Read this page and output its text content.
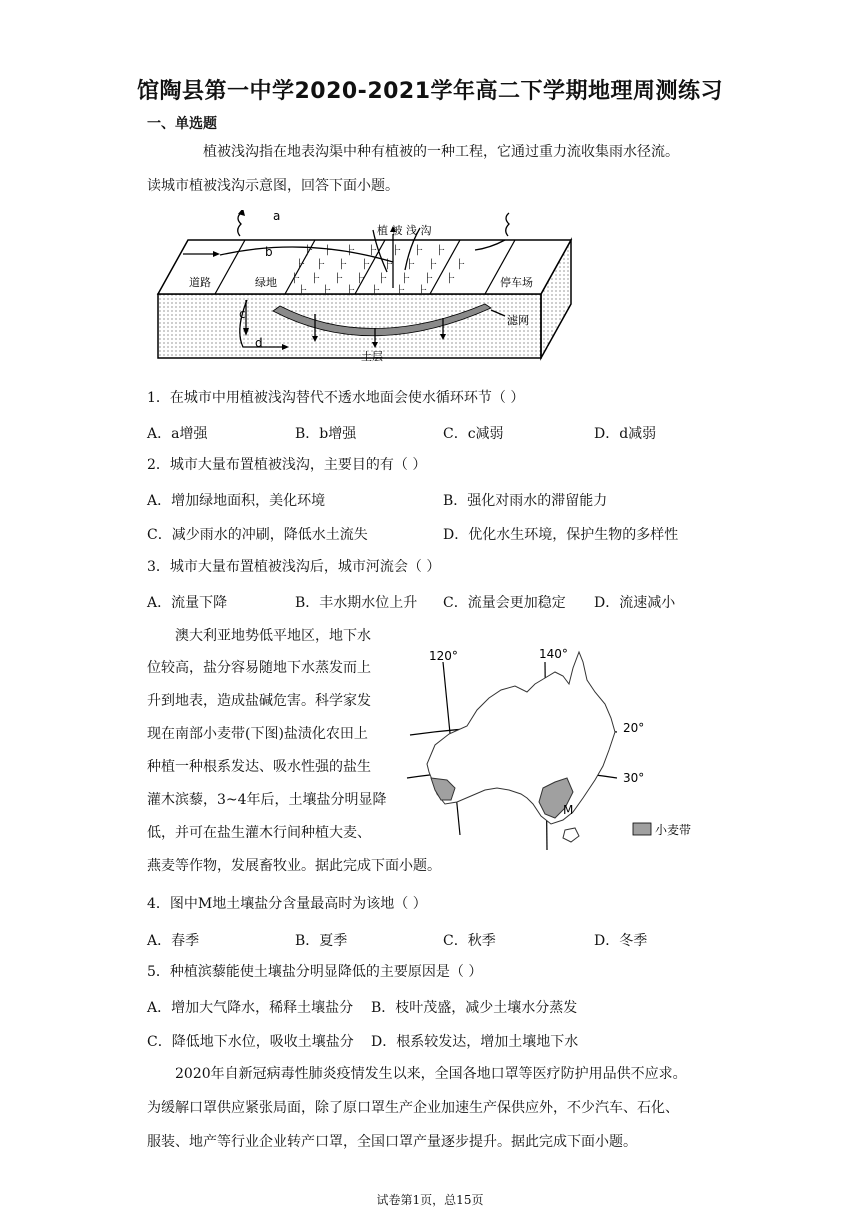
馆陶县第一中学2020-2021学年高二下学期地理周测练习
一、单选题
植被浅沟指在地表沟渠中种有植被的一种工程，它通过重力流收集雨水径流。
读城市植被浅沟示意图，回答下面小题。
⺊ ⺊ ⺊ ⺊
⺊ ⺊ ⺊ ⺊ ⺊ ⺊ ⺊
⺊ ⺊ ⺊ ⺊ ⺊ ⺊ ⺊ ⺊
⺊ ⺊ ⺊ ⺊ ⺊ ⺊
⺊ ⺊ ⺊
⺊
a
b
c
d
道路	绿地
植 被 浅 沟
停车场
滤网
土层
1．在城市中用植被浅沟替代不透水地面会使水循环环节（ ）
A．a增强	B．b增强	C．c减弱	D．d减弱
2．城市大量布置植被浅沟，主要目的有（ ）
A．增加绿地面积，美化环境	B．强化对雨水的滞留能力
C．减少雨水的冲刷，降低水土流失	D．优化水生环境，保护生物的多样性
3．城市大量布置植被浅沟后，城市河流会（ ）
A．流量下降	B．丰水期水位上升 C．流量会更加稳定 D．流速减小
澳大利亚地势低平地区，地下水
位较高，盐分容易随地下水蒸发而上
升到地表，造成盐碱危害。科学家发
现在南部小麦带(下图)盐渍化农田上
种植一种根系发达、吸水性强的盐生
灌木滨藜，3~4年后，土壤盐分明显降
低，并可在盐生灌木行间种植大麦、
燕麦等作物，发展畜牧业。据此完成下面小题。
120°	140°
20°
30°
M
小麦带
4．图中M地土壤盐分含量最高时为该地（ ）
A．春季	B．夏季	C．秋季	D．冬季
5．种植滨藜能使土壤盐分明显降低的主要原因是（ ）
A．增加大气降水，稀释土壤盐分 B．枝叶茂盛，减少土壤水分蒸发
C．降低地下水位，吸收土壤盐分 D．根系较发达，增加土壤地下水
2020年自新冠病毒性肺炎疫情发生以来，全国各地口罩等医疗防护用品供不应求。
为缓解口罩供应紧张局面，除了原口罩生产企业加速生产保供应外，不少汽车、石化、
服装、地产等行业企业转产口罩，全国口罩产量逐步提升。据此完成下面小题。
试卷第1页，总15页
